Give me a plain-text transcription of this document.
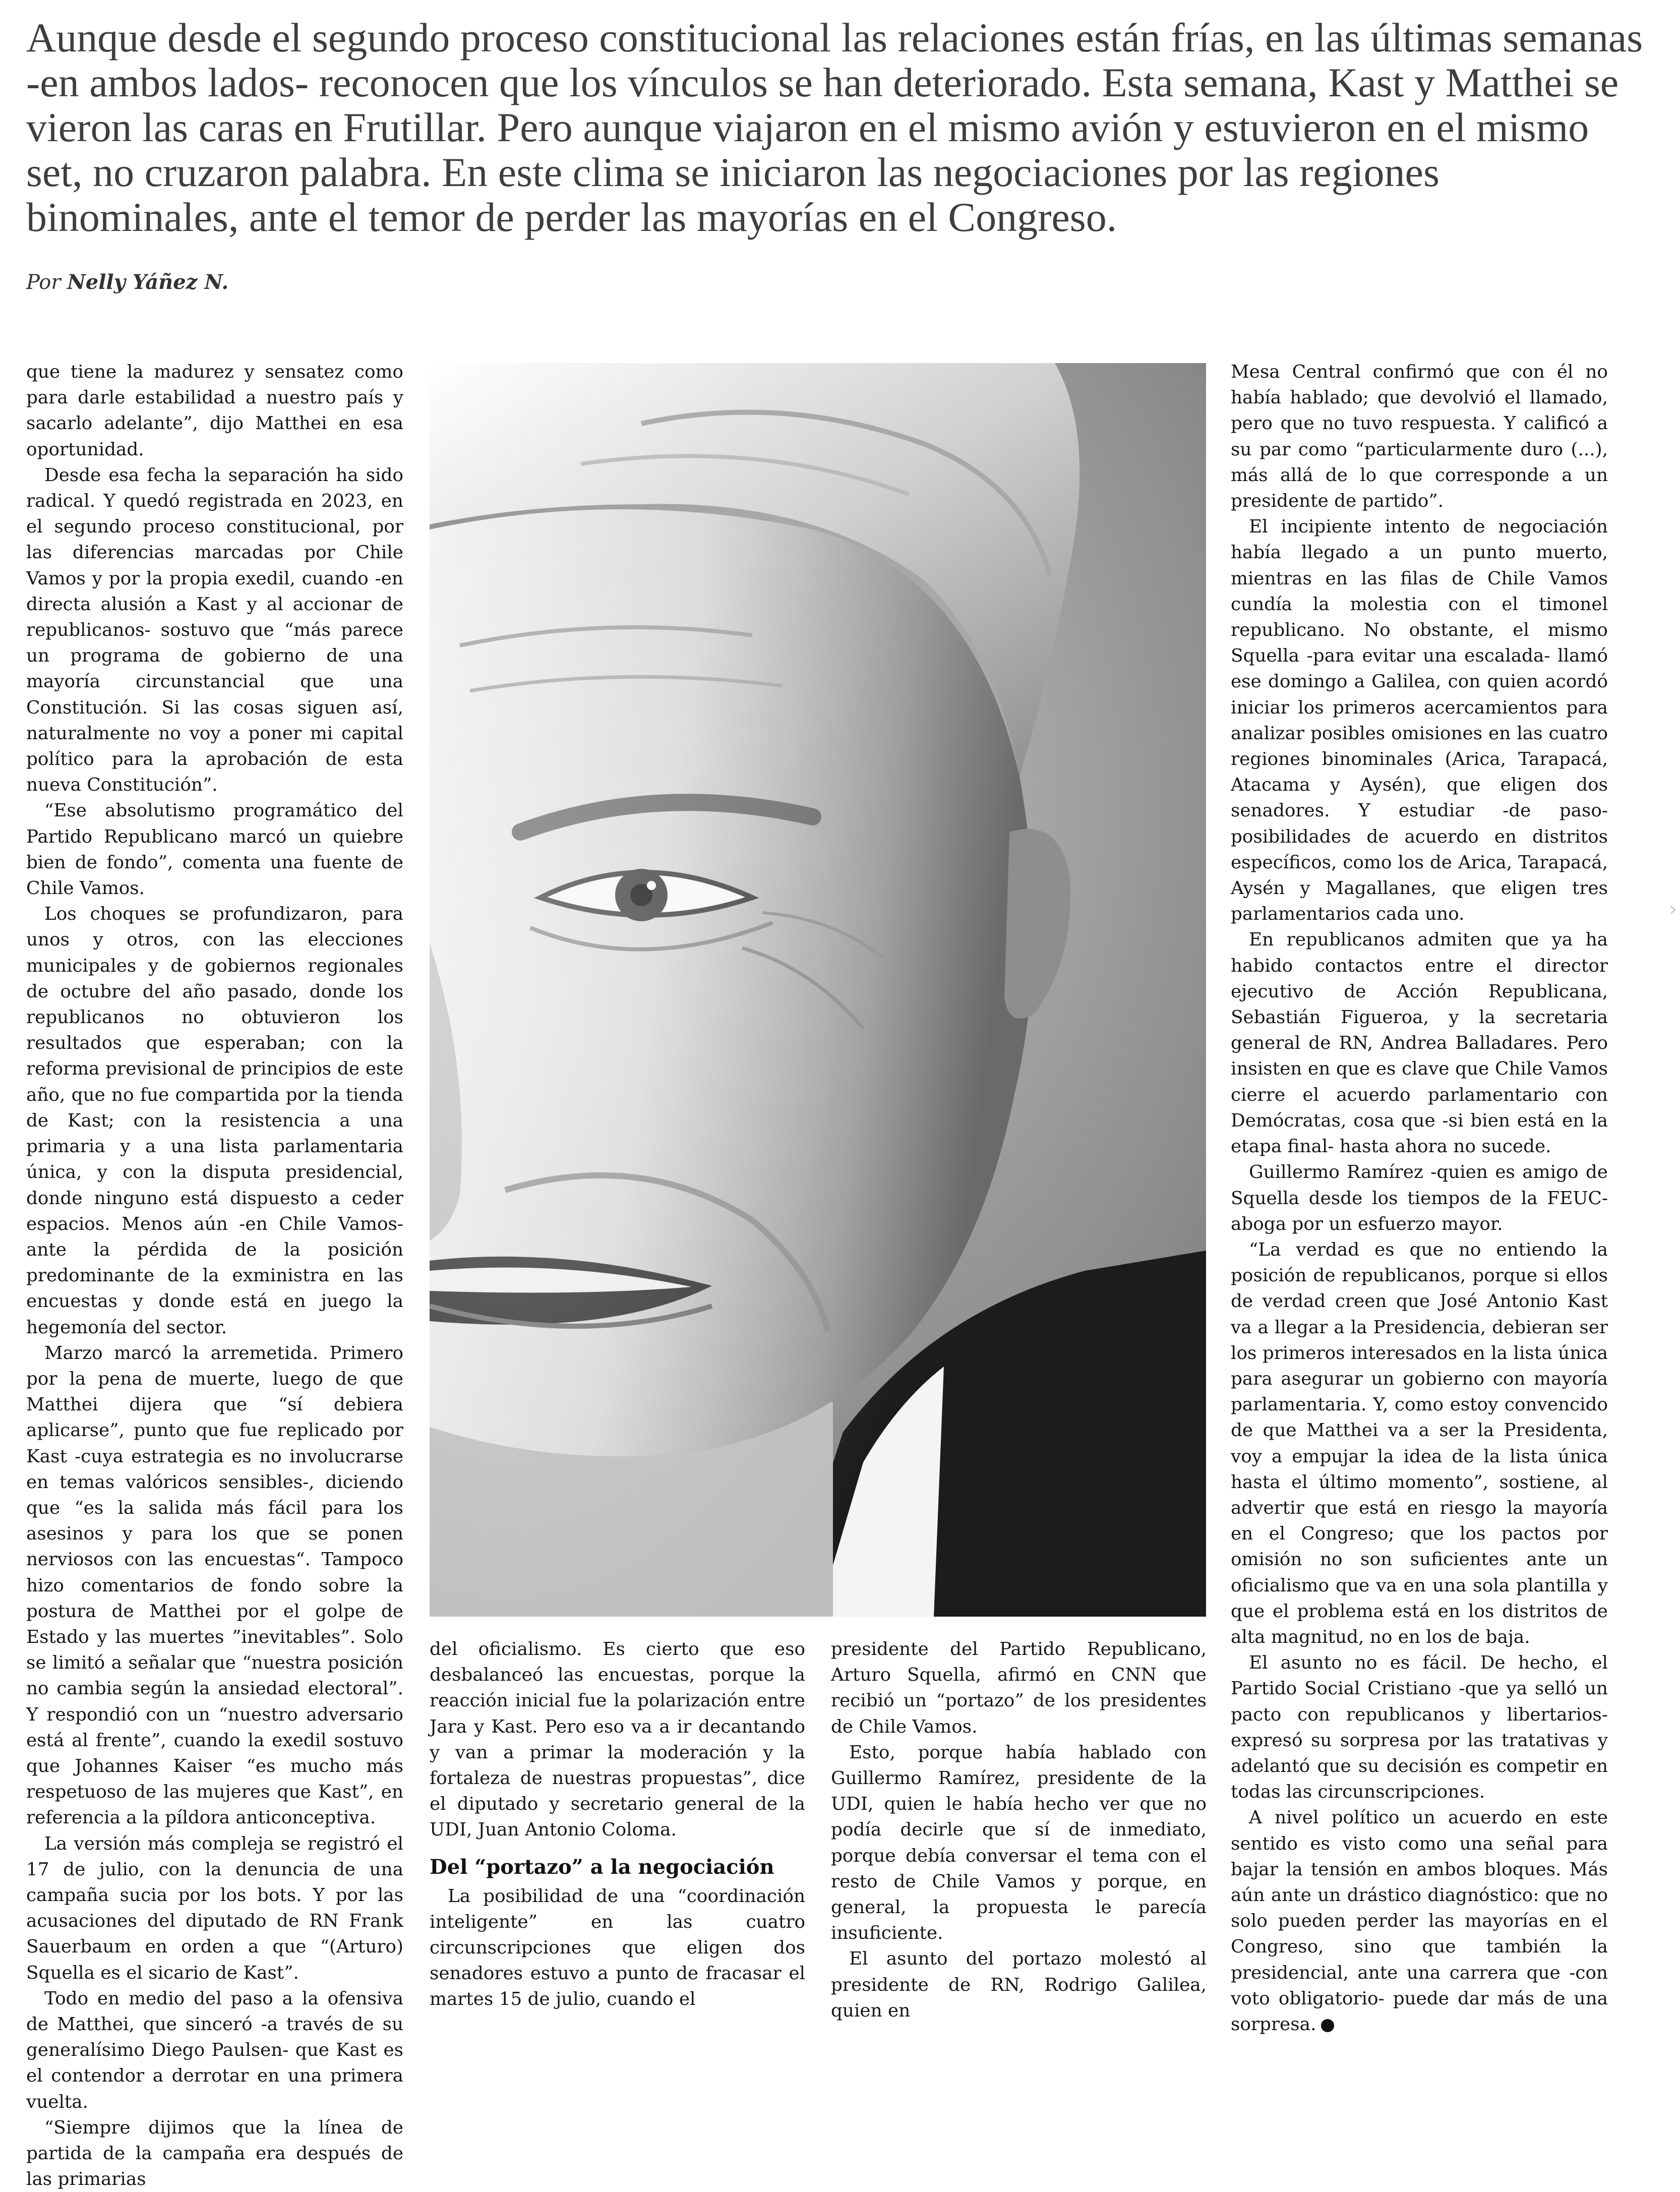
Aunque desde el segundo proceso constitucional las relaciones están frías, en las últimas semanas -en ambos lados- reconocen que los vínculos se han deteriorado. Esta semana, Kast y Matthei se vieron las caras en Frutillar. Pero aunque viajaron en el mismo avión y estuvieron en el mismo set, no cruzaron palabra. En este clima se iniciaron las negociaciones por las regiones binominales, ante el temor de perder las mayorías en el Congreso.

Por Nelly Yáñez N.

que tiene la madurez y sensatez como para darle estabilidad a nuestro país y sacarlo adelante”, dijo Matthei en esa oportunidad.

Desde esa fecha la separación ha sido radical. Y quedó registrada en 2023, en el segundo proceso constitucional, por las diferencias marcadas por Chile Vamos y por la propia exedil, cuando -en directa alusión a Kast y al accionar de republicanos- sostuvo que “más parece un programa de gobierno de una mayoría circunstancial que una Constitución. Si las cosas siguen así, naturalmente no voy a poner mi capital político para la aprobación de esta nueva Constitución”.

“Ese absolutismo programático del Partido Republicano marcó un quiebre bien de fondo”, comenta una fuente de Chile Vamos.

Los choques se profundizaron, para unos y otros, con las elecciones municipales y de gobiernos regionales de octubre del año pasado, donde los republicanos no obtuvieron los resultados que esperaban; con la reforma previsional de principios de este año, que no fue compartida por la tienda de Kast; con la resistencia a una primaria y a una lista parlamentaria única, y con la disputa presidencial, donde ninguno está dispuesto a ceder espacios. Menos aún -en Chile Vamos- ante la pérdida de la posición predominante de la exministra en las encuestas y donde está en juego la hegemonía del sector.

Marzo marcó la arremetida. Primero por la pena de muerte, luego de que Matthei dijera que “sí debiera aplicarse”, punto que fue replicado por Kast -cuya estrategia es no involucrarse en temas valóricos sensibles-, diciendo que “es la salida más fácil para los asesinos y para los que se ponen nerviosos con las encuestas“. Tampoco hizo comentarios de fondo sobre la postura de Matthei por el golpe de Estado y las muertes ”inevitables”. Solo se limitó a señalar que “nuestra posición no cambia según la ansiedad electoral”. Y respondió con un “nuestro adversario está al frente”, cuando la exedil sostuvo que Johannes Kaiser “es mucho más respetuoso de las mujeres que Kast”, en referencia a la píldora anticonceptiva.

La versión más compleja se registró el 17 de julio, con la denuncia de una campaña sucia por los bots. Y por las acusaciones del diputado de RN Frank Sauerbaum en orden a que “(Arturo) Squella es el sicario de Kast”.

Todo en medio del paso a la ofensiva de Matthei, que sinceró -a través de su generalísimo Diego Paulsen- que Kast es el contendor a derrotar en una primera vuelta.

“Siempre dijimos que la línea de partida de la campaña era después de las primarias

del oficialismo. Es cierto que eso desbalanceó las encuestas, porque la reacción inicial fue la polarización entre Jara y Kast. Pero eso va a ir decantando y van a primar la moderación y la fortaleza de nuestras propuestas”, dice el diputado y secretario general de la UDI, Juan Antonio Coloma.

Del “portazo” a la negociación

La posibilidad de una “coordinación inteligente” en las cuatro circunscripciones que eligen dos senadores estuvo a punto de fracasar el martes 15 de julio, cuando el

presidente del Partido Republicano, Arturo Squella, afirmó en CNN que recibió un “portazo” de los presidentes de Chile Vamos.

Esto, porque había hablado con Guillermo Ramírez, presidente de la UDI, quien le había hecho ver que no podía decirle que sí de inmediato, porque debía conversar el tema con el resto de Chile Vamos y porque, en general, la propuesta le parecía insuficiente.

El asunto del portazo molestó al presidente de RN, Rodrigo Galilea, quien en

Mesa Central confirmó que con él no había hablado; que devolvió el llamado, pero que no tuvo respuesta. Y calificó a su par como “particularmente duro (...), más allá de lo que corresponde a un presidente de partido”.

El incipiente intento de negociación había llegado a un punto muerto, mientras en las filas de Chile Vamos cundía la molestia con el timonel republicano. No obstante, el mismo Squella -para evitar una escalada- llamó ese domingo a Galilea, con quien acordó iniciar los primeros acercamientos para analizar posibles omisiones en las cuatro regiones binominales (Arica, Tarapacá, Atacama y Aysén), que eligen dos senadores. Y estudiar -de paso- posibilidades de acuerdo en distritos específicos, como los de Arica, Tarapacá, Aysén y Magallanes, que eligen tres parlamentarios cada uno.

En republicanos admiten que ya ha habido contactos entre el director ejecutivo de Acción Republicana, Sebastián Figueroa, y la secretaria general de RN, Andrea Balladares. Pero insisten en que es clave que Chile Vamos cierre el acuerdo parlamentario con Demócratas, cosa que -si bien está en la etapa final- hasta ahora no sucede.

Guillermo Ramírez -quien es amigo de Squella desde los tiempos de la FEUC- aboga por un esfuerzo mayor.

“La verdad es que no entiendo la posición de republicanos, porque si ellos de verdad creen que José Antonio Kast va a llegar a la Presidencia, debieran ser los primeros interesados en la lista única para asegurar un gobierno con mayoría parlamentaria. Y, como estoy convencido de que Matthei va a ser la Presidenta, voy a empujar la idea de la lista única hasta el último momento”, sostiene, al advertir que está en riesgo la mayoría en el Congreso; que los pactos por omisión no son suficientes ante un oficialismo que va en una sola plantilla y que el problema está en los distritos de alta magnitud, no en los de baja.

El asunto no es fácil. De hecho, el Partido Social Cristiano -que ya selló un pacto con republicanos y libertarios- expresó su sorpresa por las tratativas y adelantó que su decisión es competir en todas las circunscripciones.

A nivel político un acuerdo en este sentido es visto como una señal para bajar la tensión en ambos bloques. Más aún ante un drástico diagnóstico: que no solo pueden perder las mayorías en el Congreso, sino que también la presidencial, ante una carrera que -con voto obligatorio- puede dar más de una sorpresa.

›
